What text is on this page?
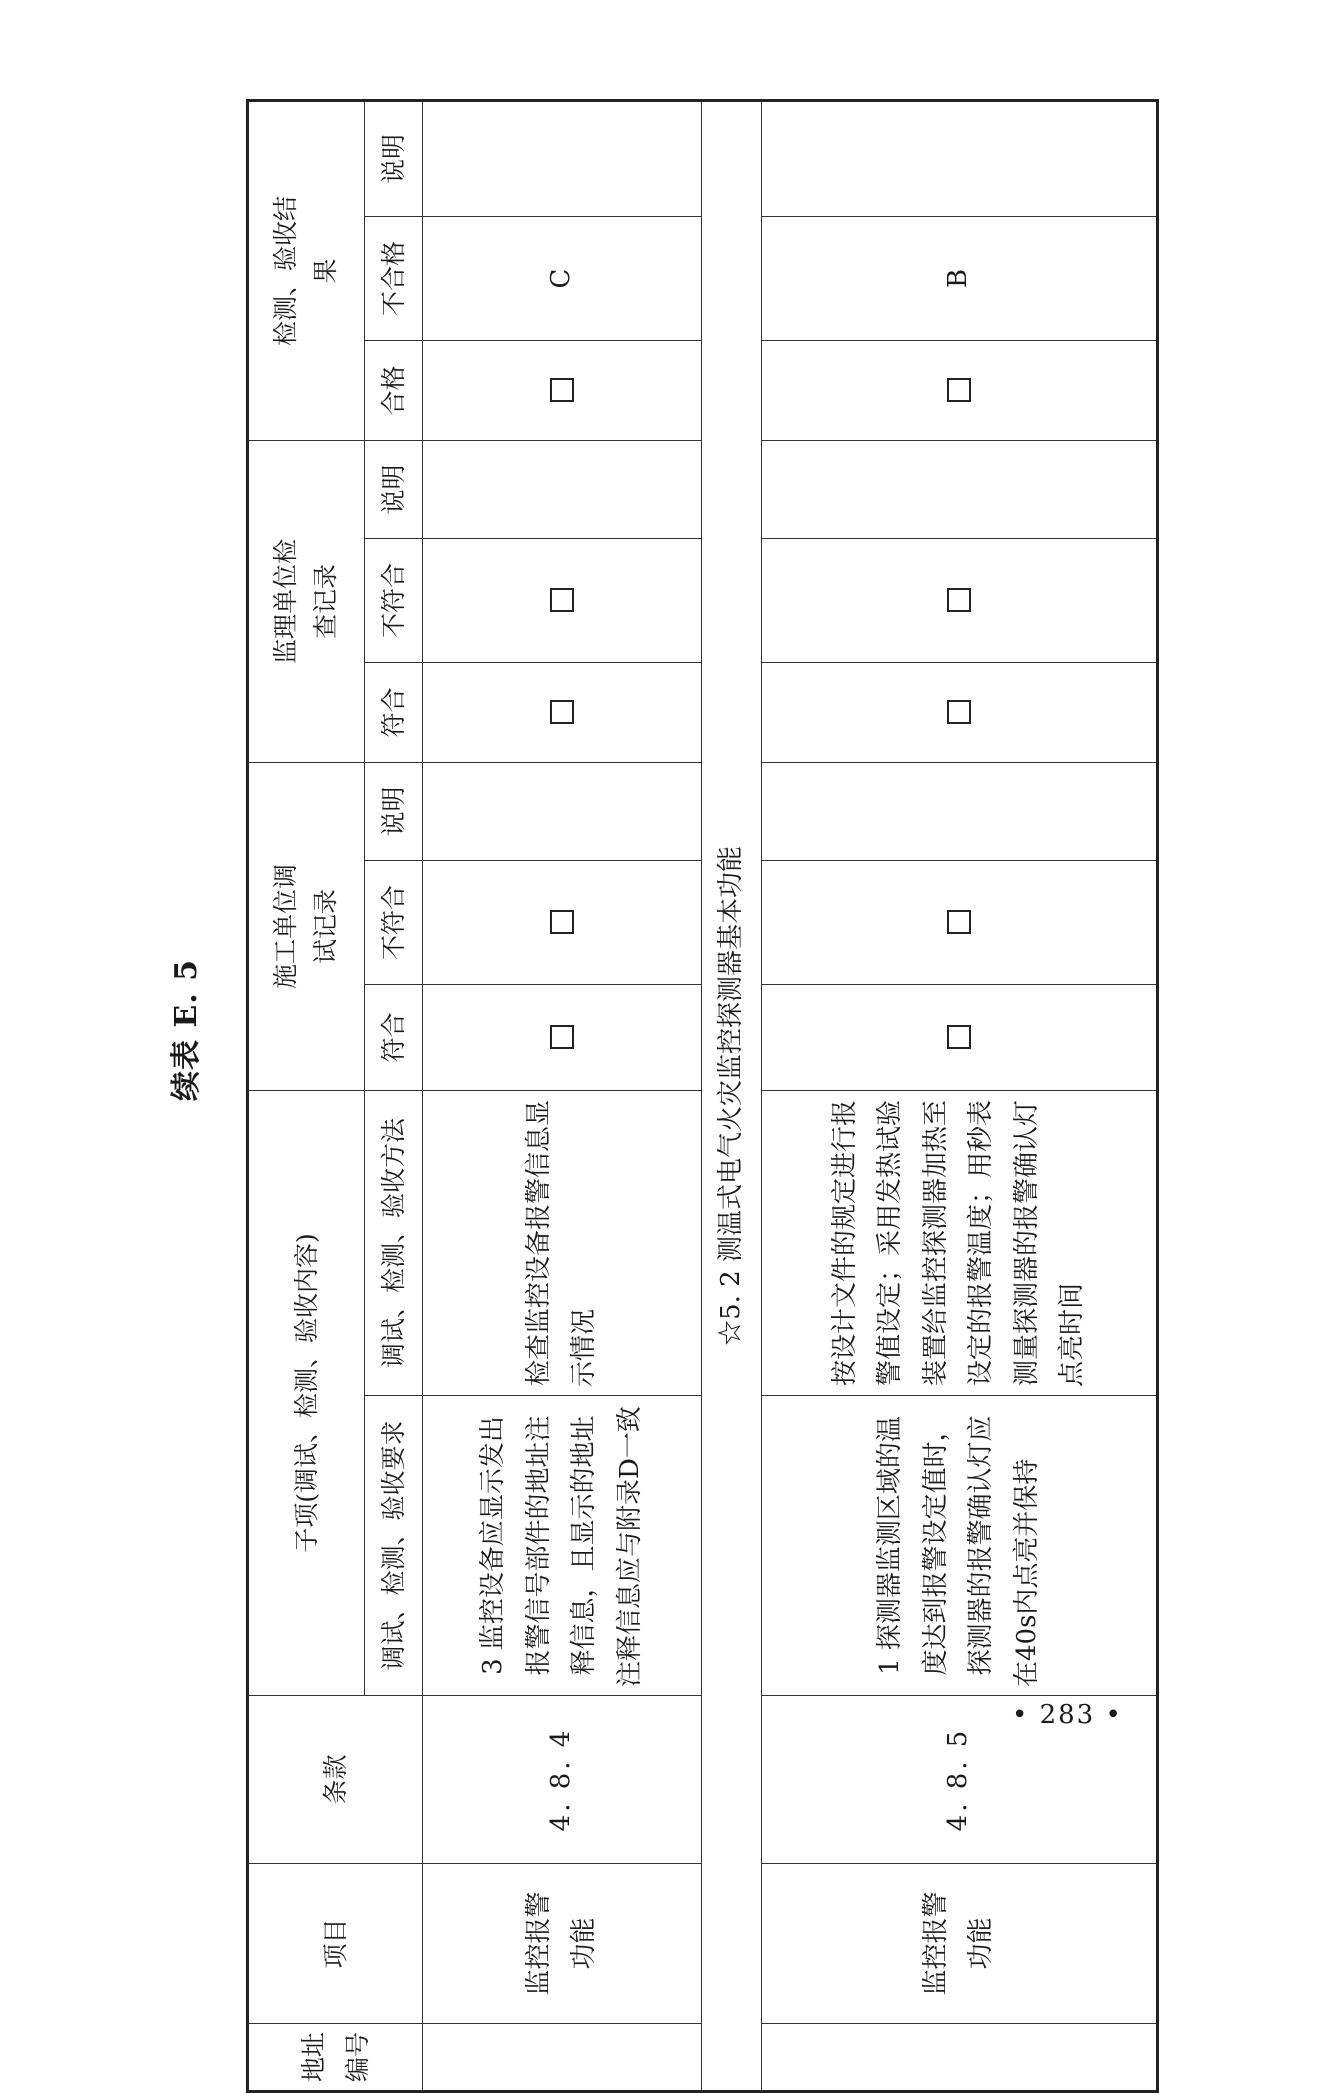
续表 E. 5
地址编号	项目	条款	子项(调试、检测、验收内容)		施工单位调试记录			监理单位检查记录			检测、验收结果		
			调试、检测、验收要求	调试、检测、验收方法	符合	不符合	说明	符合	不符合	说明	合格	不合格	说明
	监控报警功能	4. 8. 4	3 监控设备应显示发出报警信号部件的地址注释信息，且显示的地址注释信息应与附录D一致	检查监控设备报警信息显示情况								C	
☆5. 2 测温式电气火灾监控探测器基本功能													
	监控报警功能	4. 8. 5	1 探测器监测区域的温度达到报警设定值时，探测器的报警确认灯应在40s内点亮并保持	按设计文件的规定进行报警值设定；采用发热试验装置给监控探测器加热至设定的报警温度；用秒表测量探测器的报警确认灯点亮时间								B	
• 283 •
